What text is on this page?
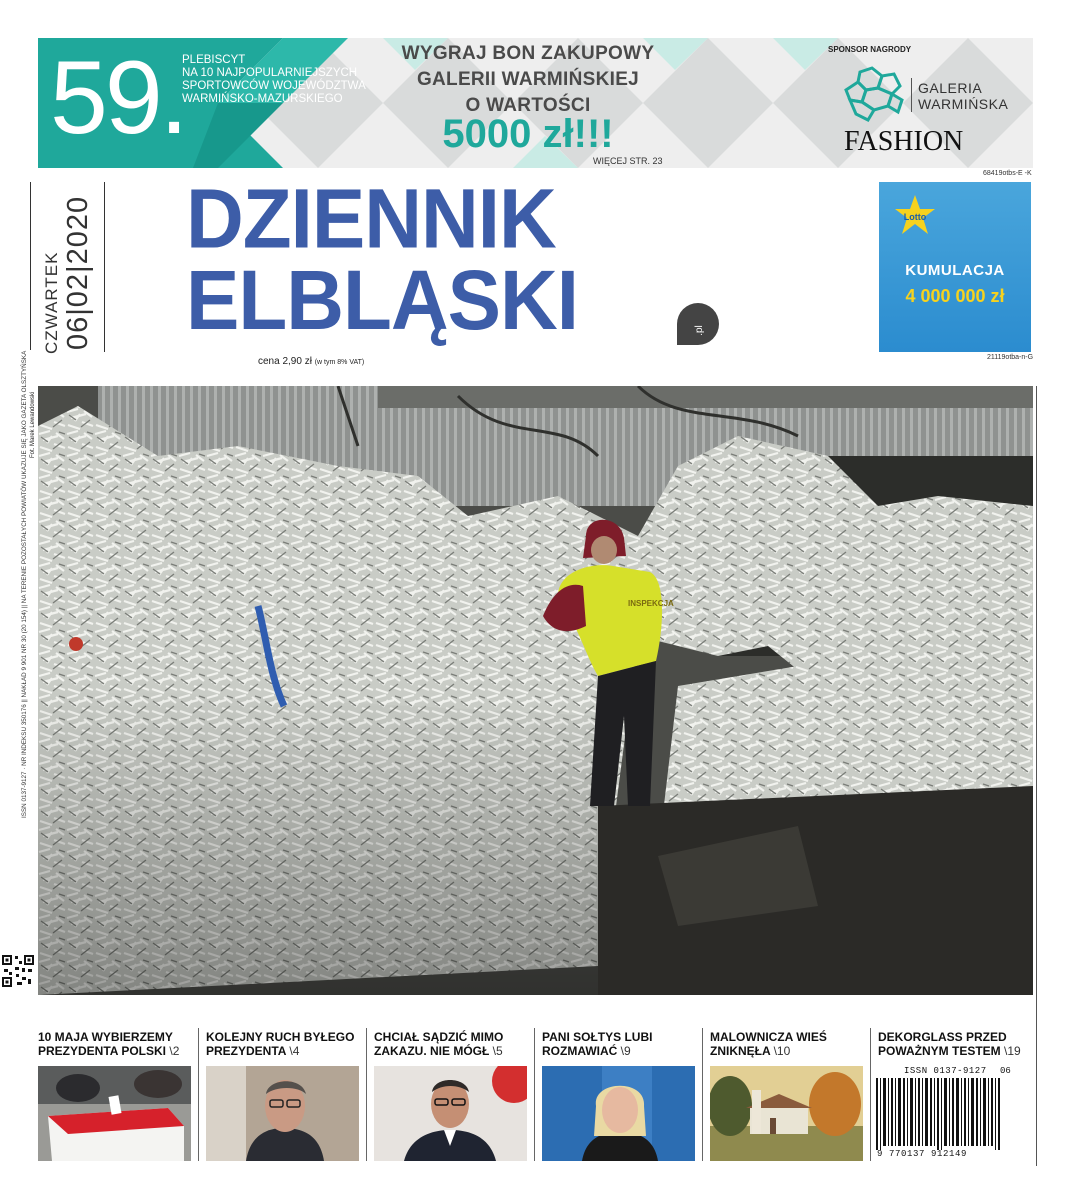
59.
PLEBISCYT
NA 10 NAJPOPULARNIEJSZYCH
SPORTOWCÓW WOJEWÓDZTWA
WARMIŃSKO-MAZURSKIEGO
WYGRAJ BON ZAKUPOWY
GALERII WARMIŃSKIEJ
O WARTOŚCI
5000 zł!!!
WIĘCEJ STR. 23
SPONSOR NAGRODY
GALERIA
WARMIŃSKA
FASHION
68419otbs-E -K
CZWARTEK 06|02|2020 DZIENNIK
ELBLĄSKI	.pl
cena 2,90 zł (w tym 8% VAT)
Lotto
KUMULACJA
4 000 000 zł
21119otba-n-G
ISSN 0137-9127 · NR INDEKSU 350176 || NAKŁAD 9 901 NR 30 (20 154) || NA TERENIE POZOSTAŁYCH POWIATÓW UKAZUJE SIĘ JAKO GAZETA OLSZTYŃSKA	INSPEKCJA
Fot. Marek Lewandowski
10 MAJA WYBIERZEMY PREZYDENTA POLSKI \2
KOLEJNY RUCH BYŁEGO PREZYDENTA \4
CHCIAŁ SĄDZIĆ MIMO ZAKAZU. NIE MÓGŁ \5
PANI SOŁTYS LUBI ROZMAWIAĆ \9
MALOWNICZA WIEŚ ZNIKNĘŁA \10
DEKORGLASS PRZED POWAŻNYM TESTEM \19
ISSN 0137-9127 06
9 770137 912149
